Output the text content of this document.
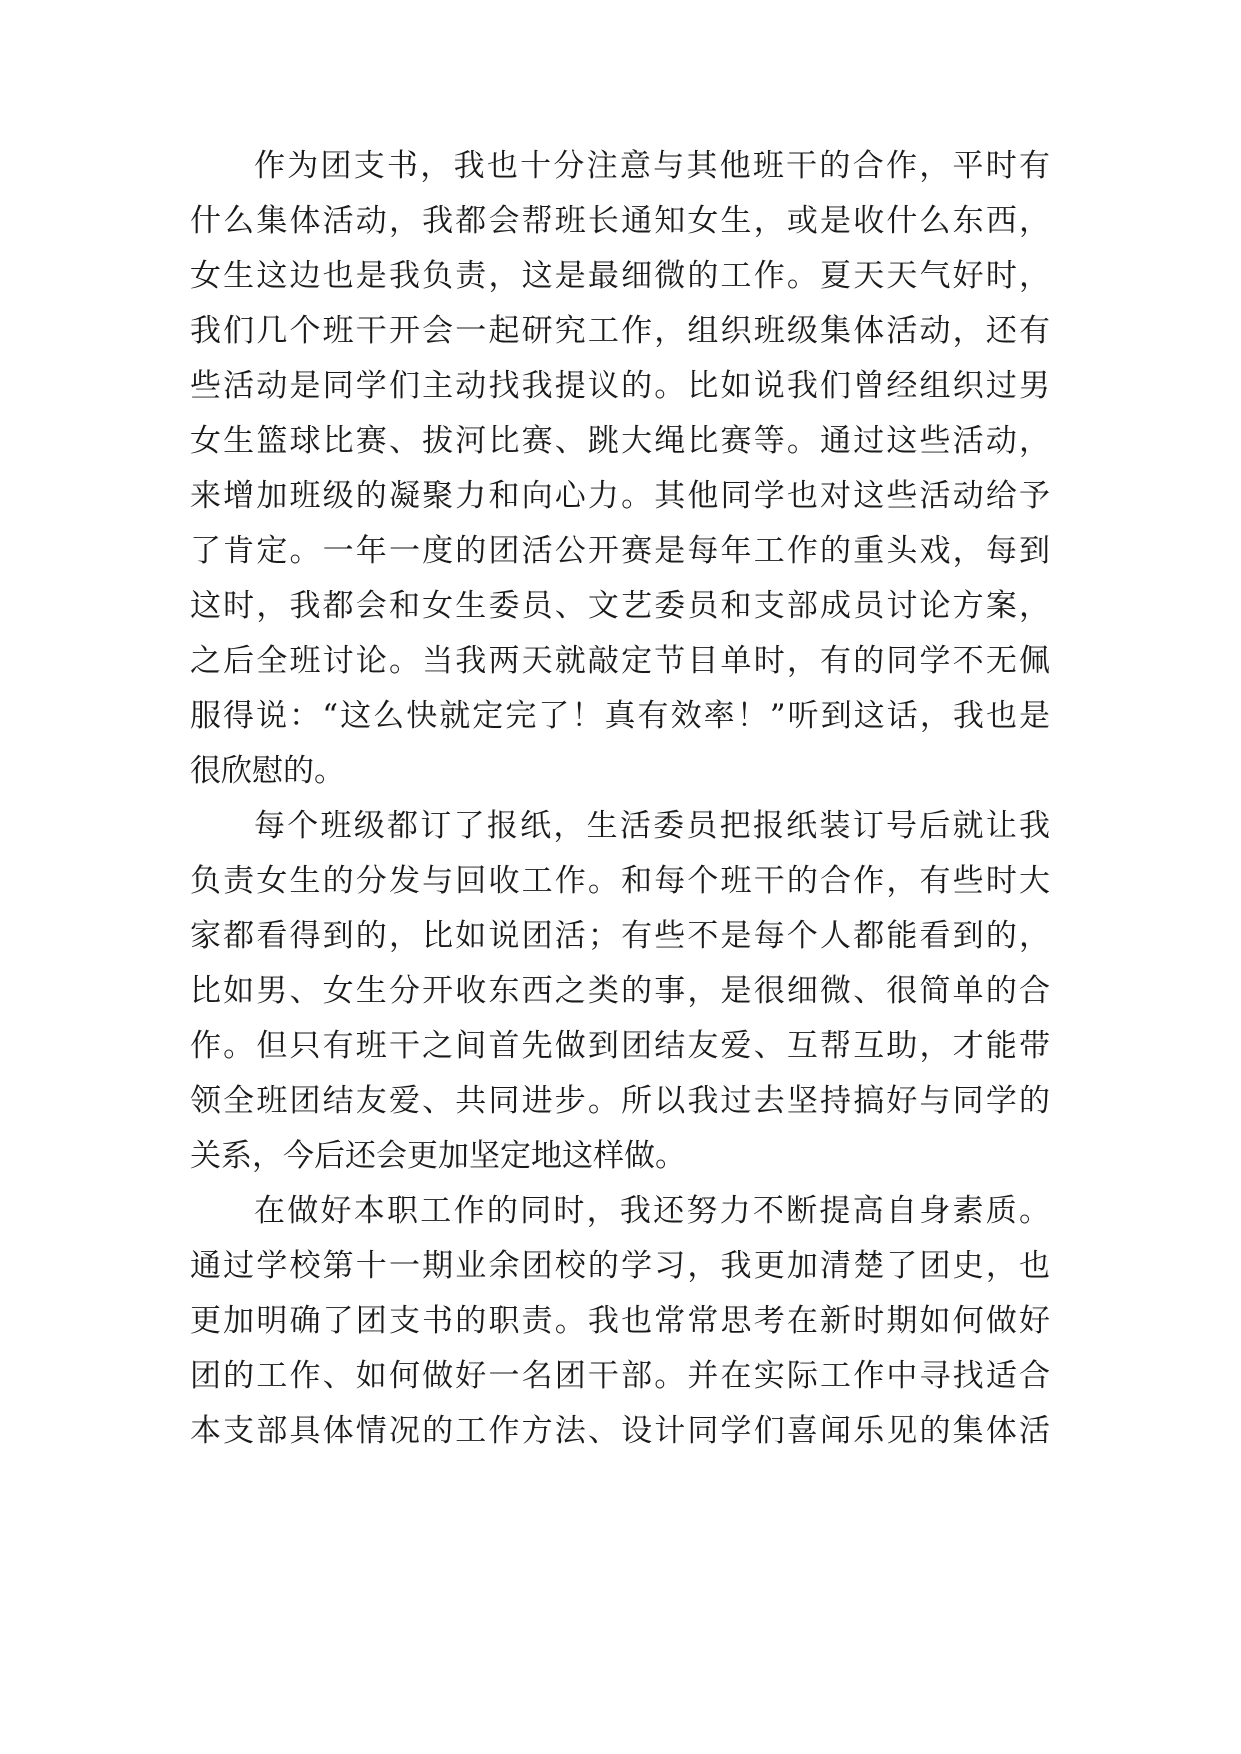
作为团支书，我也十分注意与其他班干的合作，平时有
什么集体活动，我都会帮班长通知女生，或是收什么东西，
女生这边也是我负责，这是最细微的工作。夏天天气好时，
我们几个班干开会一起研究工作，组织班级集体活动，还有
些活动是同学们主动找我提议的。比如说我们曾经组织过男
女生篮球比赛、拔河比赛、跳大绳比赛等。通过这些活动，
来增加班级的凝聚力和向心力。其他同学也对这些活动给予
了肯定。一年一度的团活公开赛是每年工作的重头戏，每到
这时，我都会和女生委员、文艺委员和支部成员讨论方案，
之后全班讨论。当我两天就敲定节目单时，有的同学不无佩
服得说：“这么快就定完了！真有效率！”听到这话，我也是
很欣慰的。
每个班级都订了报纸，生活委员把报纸装订号后就让我
负责女生的分发与回收工作。和每个班干的合作，有些时大
家都看得到的，比如说团活；有些不是每个人都能看到的，
比如男、女生分开收东西之类的事，是很细微、很简单的合
作。但只有班干之间首先做到团结友爱、互帮互助，才能带
领全班团结友爱、共同进步。所以我过去坚持搞好与同学的
关系，今后还会更加坚定地这样做。
在做好本职工作的同时，我还努力不断提高自身素质。
通过学校第十一期业余团校的学习，我更加清楚了团史，也
更加明确了团支书的职责。我也常常思考在新时期如何做好
团的工作、如何做好一名团干部。并在实际工作中寻找适合
本支部具体情况的工作方法、设计同学们喜闻乐见的集体活
